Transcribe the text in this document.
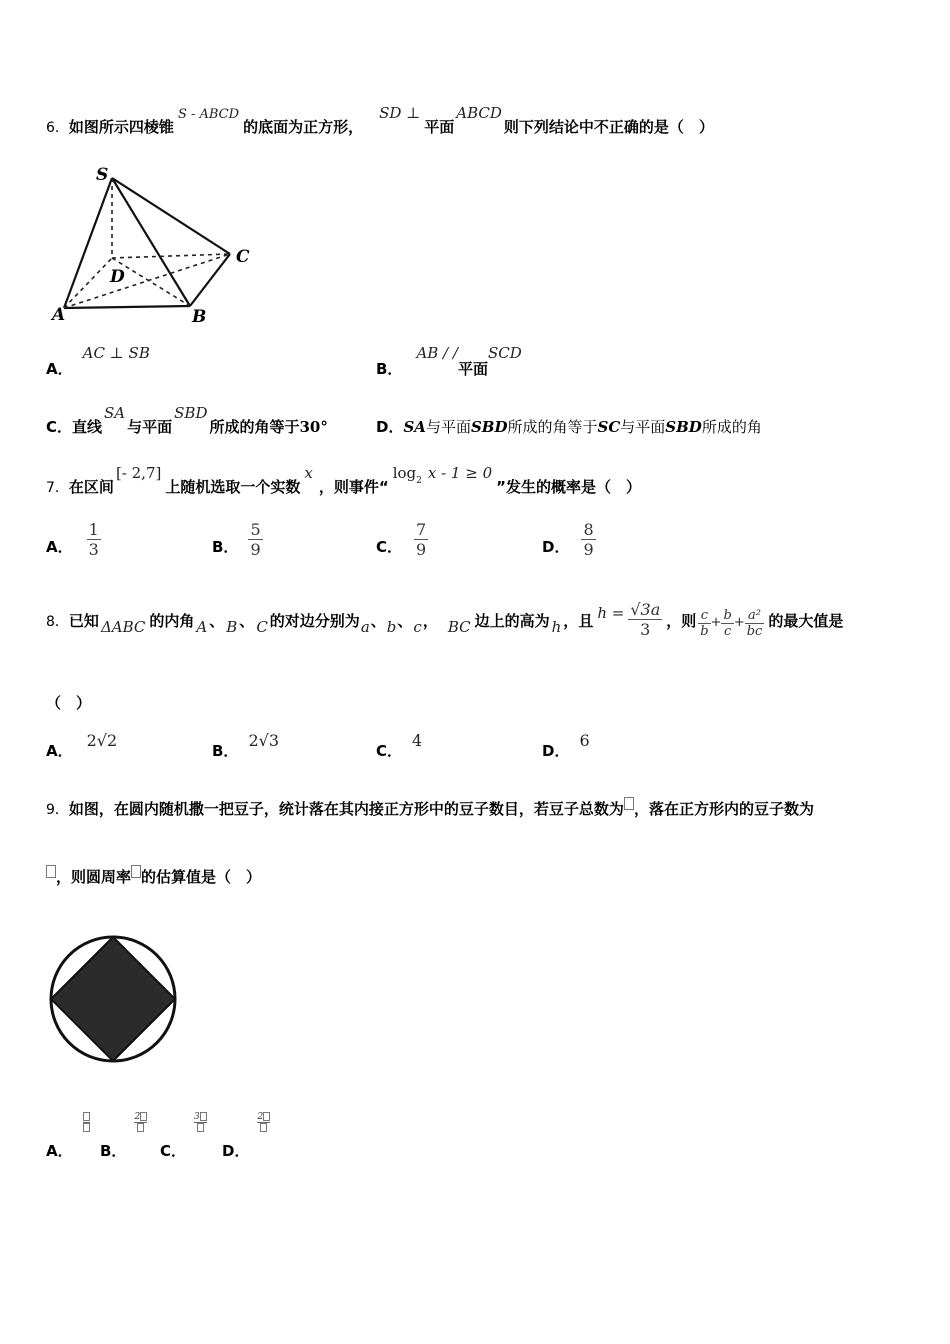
6．如图所示四棱锥S - ABCD的底面为正方形，SD ⊥平面ABCD则下列结论中不正确的是（　）
S
D
C
A	B
A．AC ⊥ SB
B．AB / /平面SCD
C．直线SA与平面SBD所成的角等于30°	D．SA与平面SBD所成的角等于SC与平面SBD所成的角
7．在区间[- 2,7]上随机选取一个实数x，则事件“$\log_2$ x - 1 ≥ 0”发生的概率是（　）
A． $\frac{1}{3}$	B． $\frac{5}{9}$	C． $\frac{7}{9}$	D． $\frac{8}{9}$
8．已知 ΔABC 的内角 A 、 B 、 C 的对边分别为a、b、c， BC 边上的高为 h ，且 $h = \frac{√3a}{3}$ ，则 $\frac{c}{b} + \frac{b}{c} + \frac{\text{a²}}{bc}$ 的最大值是
（　）
A．2√2
B．2√3
C．4
D．6
9．如图，在圆内随机撒一把豆子，统计落在其内接正方形中的豆子数目，若豆子总数为 ，落在正方形内的豆子数为
，则圆周率 的估算值是（　）
A．	B．
2
C．
3
D．
2
